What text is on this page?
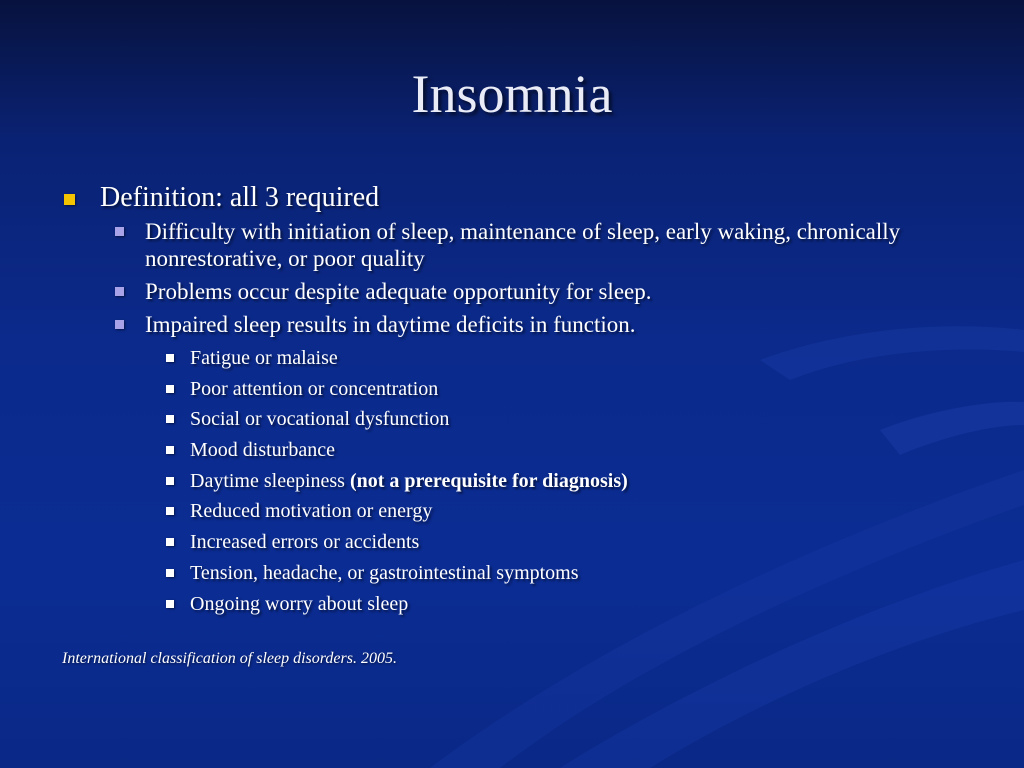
Insomnia
Definition: all 3 required
Difficulty with initiation of sleep, maintenance of sleep, early waking, chronically nonrestorative, or poor quality
Problems occur despite adequate opportunity for sleep.
Impaired sleep results in daytime deficits in function.
Fatigue or malaise
Poor attention or concentration
Social or vocational dysfunction
Mood disturbance
Daytime sleepiness (not a prerequisite for diagnosis)
Reduced motivation or energy
Increased errors or accidents
Tension, headache, or gastrointestinal symptoms
Ongoing worry about sleep
International classification of sleep disorders. 2005.
